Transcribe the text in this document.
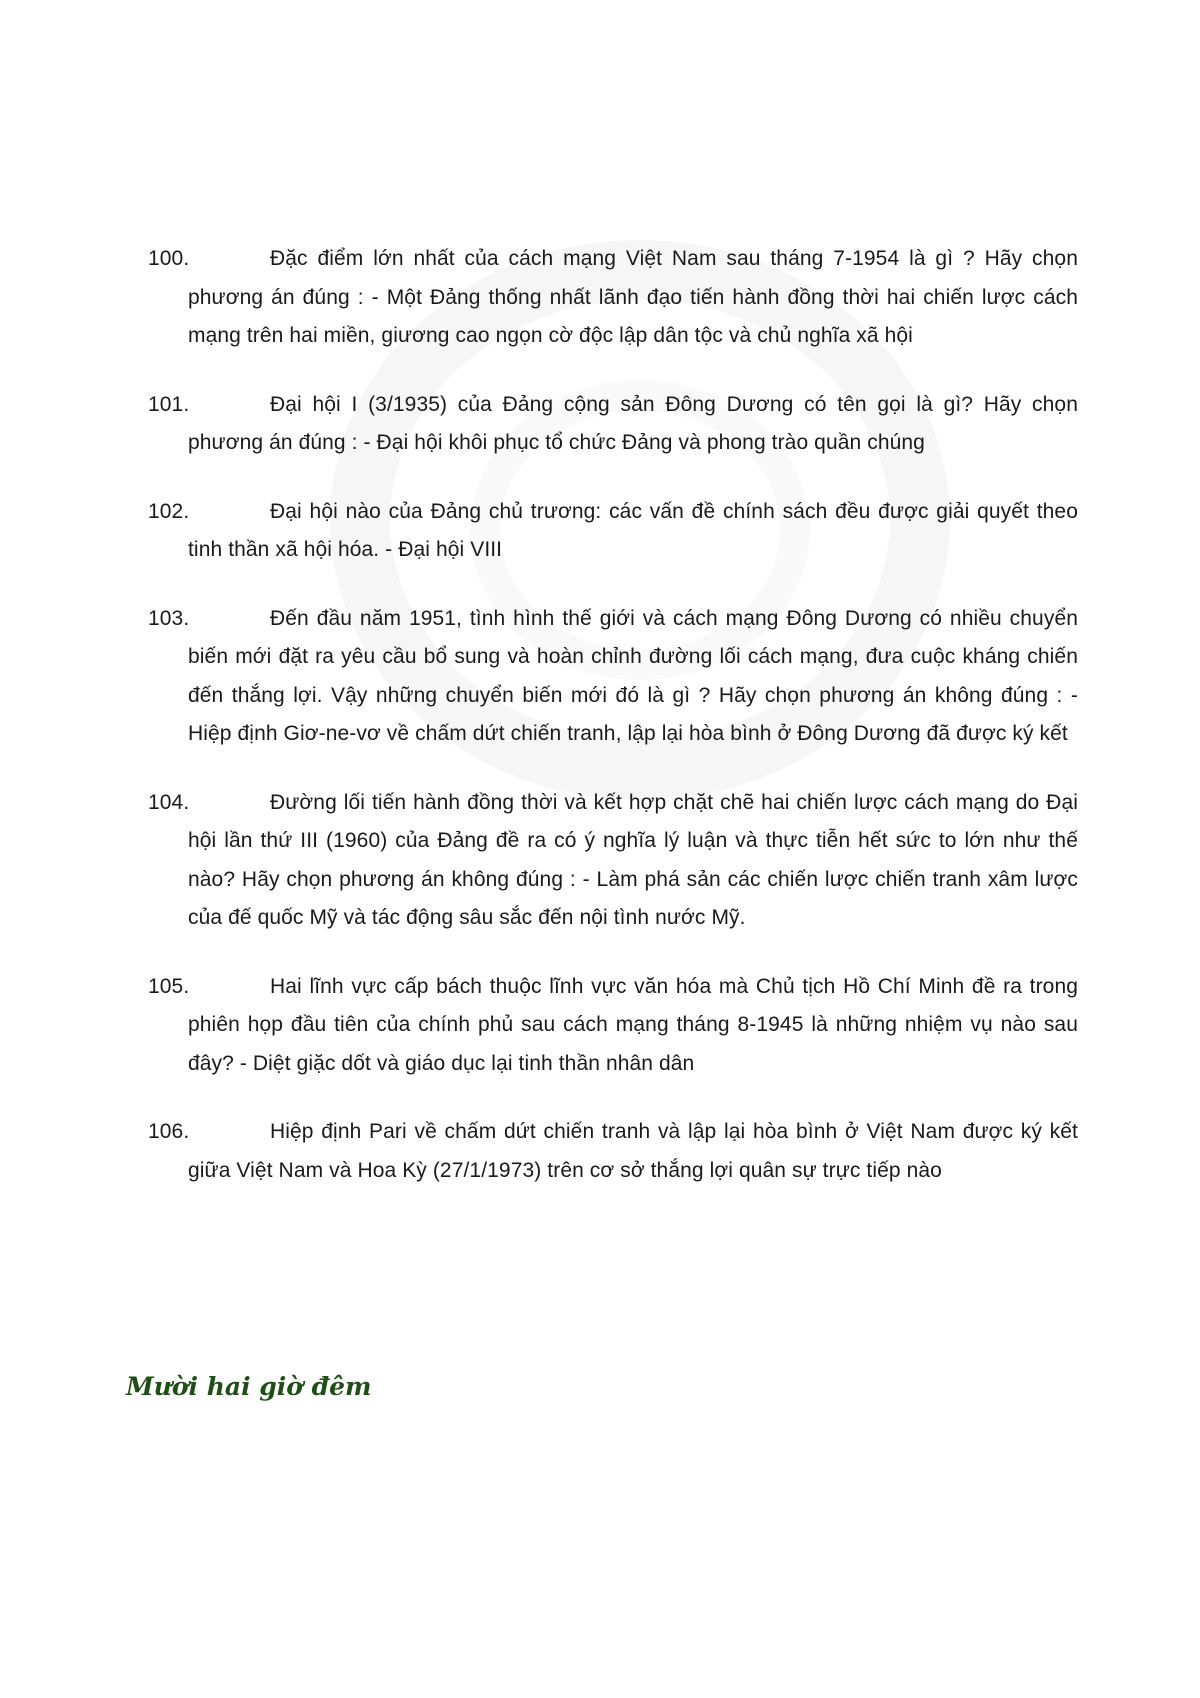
100.	Đặc điểm lớn nhất của cách mạng Việt Nam sau tháng 7-1954 là gì ? Hãy chọn phương án đúng : - Một Đảng thống nhất lãnh đạo tiến hành đồng thời hai chiến lược cách mạng trên hai miền, giương cao ngọn cờ độc lập dân tộc và chủ nghĩa xã hội
101.	Đại hội I (3/1935) của Đảng cộng sản Đông Dương có tên gọi là gì? Hãy chọn phương án đúng : - Đại hội khôi phục tổ chức Đảng và phong trào quần chúng
102.	Đại hội nào của Đảng chủ trương: các vấn đề chính sách đều được giải quyết theo tinh thần xã hội hóa. - Đại hội VIII
103.	Đến đầu năm 1951, tình hình thế giới và cách mạng Đông Dương có nhiều chuyển biến mới đặt ra yêu cầu bổ sung và hoàn chỉnh đường lối cách mạng, đưa cuộc kháng chiến đến thắng lợi. Vậy những chuyển biến mới đó là gì ? Hãy chọn phương án không đúng : - Hiệp định Giơ-ne-vơ về chấm dứt chiến tranh, lập lại hòa bình ở Đông Dương đã được ký kết
104.	Đường lối tiến hành đồng thời và kết hợp chặt chẽ hai chiến lược cách mạng do Đại hội lần thứ III (1960) của Đảng đề ra có ý nghĩa lý luận và thực tiễn hết sức to lớn như thế nào? Hãy chọn phương án không đúng : - Làm phá sản các chiến lược chiến tranh xâm lược của đế quốc Mỹ và tác động sâu sắc đến nội tình nước Mỹ.
105.	Hai lĩnh vực cấp bách thuộc lĩnh vực văn hóa mà Chủ tịch Hồ Chí Minh đề ra trong phiên họp đầu tiên của chính phủ sau cách mạng tháng 8-1945 là những nhiệm vụ nào sau đây? - Diệt giặc dốt và giáo dục lại tinh thần nhân dân
106.	Hiệp định Pari về chấm dứt chiến tranh và lập lại hòa bình ở Việt Nam được ký kết giữa Việt Nam và Hoa Kỳ (27/1/1973) trên cơ sở thắng lợi quân sự trực tiếp nào
Mười hai giờ đêm
